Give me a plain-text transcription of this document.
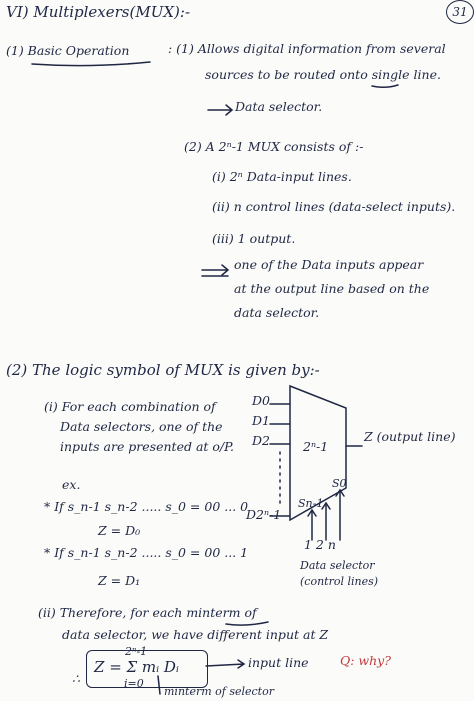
31
VI) Multiplexers(MUX):-
(1) Basic Operation	: (1) Allows digital information from several
sources to be routed onto single line.
Data selector.
(2) A 2ⁿ-1 MUX consists of :-
(i) 2ⁿ Data-input lines.
(ii) n control lines (data-select inputs).
(iii) 1 output.
one of the Data inputs appear
at the output line based on the
data selector.
(2) The logic symbol of MUX is given by:-
(i) For each combination of
Data selectors, one of the
inputs are presented at o/P.
ex.
* If s_n-1 s_n-2 ..... s_0 = 00 ... 0
Z = D₀
* If s_n-1 s_n-2 ..... s_0 = 00 ... 1
Z = D₁
(ii) Therefore, for each minterm of
data selector, we have different input at Z
∴
Z = Σ mᵢ Dᵢ
2ⁿ-1
i=0
input line
minterm of selector
Q: why?
D0
D1
D2
D2ⁿ-1
2ⁿ-1
Z (output line)
S0
Sn-1
1 2 n
Data selector
(control lines)
